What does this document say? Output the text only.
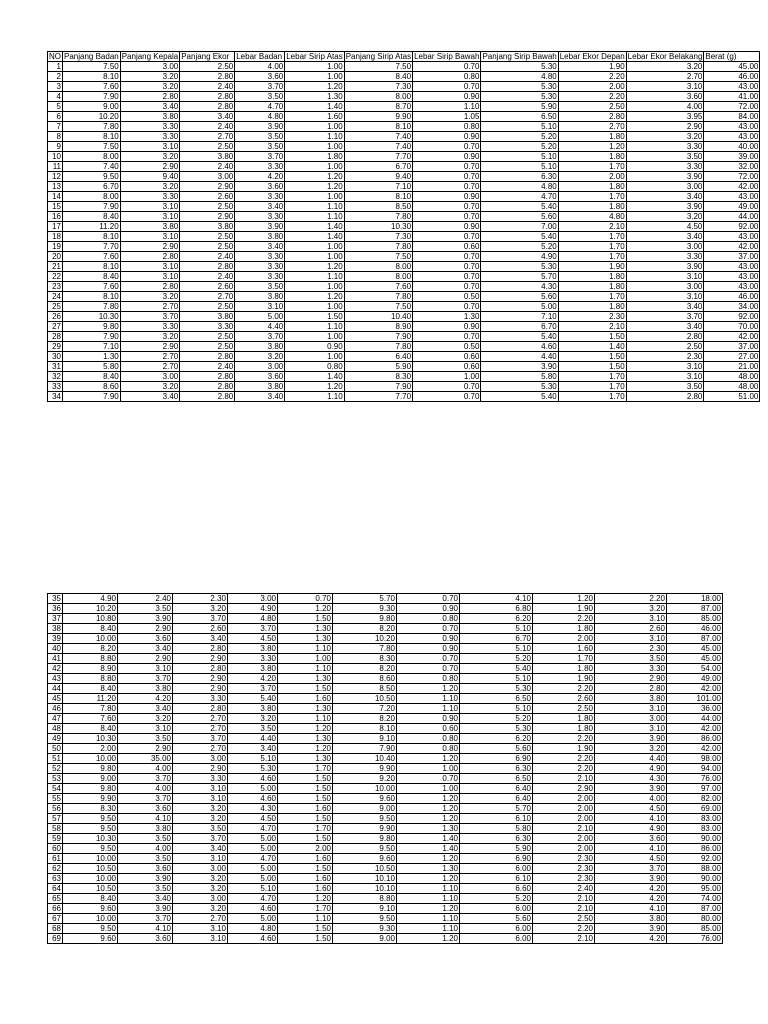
NO	Panjang Badan	Panjang Kepala	Panjang Ekor	Lebar Badan	Lebar Sirip Atas	Panjang Sirip Atas	Lebar Sirip Bawah	Panjang Sirip Bawah	Lebar Ekor Depan	Lebar Ekor Belakang	Berat (g)
1	7.50	3.00	2.50	4.00	1.00	7.50	0.70	5.30	1.90	3.20	45.00
2	8.10	3.20	2.80	3.60	1.00	8.40	0.80	4.80	2.20	2.70	46.00
3	7.60	3.20	2.40	3.70	1.20	7.30	0.70	5.30	2.00	3.10	43.00
4	7.90	2.80	2.80	3.50	1.30	8.00	0.90	5.30	2.20	3.60	41.00
5	9.00	3.40	2.80	4.70	1.40	8.70	1.10	5.90	2.50	4.00	72.00
6	10.20	3.80	3.40	4.80	1.60	9.90	1.05	6.50	2.80	3.95	84.00
7	7.80	3.30	2.40	3.90	1.00	8.10	0.80	5.10	2.70	2.90	43.00
8	8.10	3.30	2.70	3.50	1.10	7.40	0.90	5.20	1.80	3.20	43.00
9	7.50	3.10	2.50	3.50	1.00	7.40	0.70	5.20	1.20	3.30	40.00
10	8.00	3.20	3.80	3.70	1.80	7.70	0.90	5.10	1.80	3.50	39.00
11	7.40	2.90	2.40	3.30	1.00	6.70	0.70	5.10	1.70	3.30	32.00
12	9.50	9.40	3.00	4.20	1.20	9.40	0.70	6.30	2.00	3.90	72.00
13	6.70	3.20	2.90	3.60	1.20	7.10	0.70	4.80	1.80	3.00	42.00
14	8.00	3.30	2.60	3.30	1.00	8.10	0.90	4.70	1.70	3.40	43.00
15	7.90	3.10	2.50	3.40	1.10	8.50	0.70	5.40	1.80	3.90	49.00
16	8.40	3.10	2.90	3.30	1.10	7.80	0.70	5.60	4.80	3.20	44.00
17	11.20	3.80	3.80	3.90	1.40	10.30	0.90	7.00	2.10	4.50	92.00
18	8.10	3.10	2.50	3.80	1.40	7.30	0.70	5.40	1.70	3.40	43.00
19	7.70	2.90	2.50	3.40	1.00	7.80	0.60	5.20	1.70	3.00	42.00
20	7.60	2.80	2.40	3.30	1.00	7.50	0.70	4.90	1.70	3.30	37.00
21	8.10	3.10	2.80	3.30	1.20	8.00	0.70	5.30	1.90	3.90	43.00
22	8.40	3.10	2.40	3.30	1.10	8.00	0.70	5.70	1.80	3.10	43.00
23	7.60	2.80	2.60	3.50	1.00	7.60	0.70	4.30	1.80	3.00	43.00
24	8.10	3.20	2.70	3.80	1.20	7.80	0.50	5.60	1.70	3.10	46.00
25	7.80	2.70	2.50	3.10	1.00	7.50	0.70	5.00	1.80	3.40	34.00
26	10.30	3.70	3.80	5.00	1.50	10.40	1.30	7.10	2.30	3.70	92.00
27	9.80	3.30	3.30	4.40	1.10	8.90	0.90	6.70	2.10	3.40	70.00
28	7.90	3.20	2.50	3.70	1.00	7.90	0.70	5.40	1.50	2.80	42.00
29	7.10	2.90	2.50	3.80	0.90	7.80	0.50	4.60	1.40	2.50	37.00
30	1.30	2.70	2.80	3.20	1.00	6.40	0.60	4.40	1.50	2.30	27.00
31	5.80	2.70	2.40	3.00	0.80	5.90	0.60	3.90	1.50	3.10	21.00
32	8.40	3.00	2.80	3.60	1.40	8.30	1.00	5.80	1.70	3.10	48.00
33	8.60	3.20	2.80	3.80	1.20	7.90	0.70	5.30	1.70	3.50	48.00
34	7.90	3.40	2.80	3.40	1.10	7.70	0.70	5.40	1.70	2.80	51.00
35	4.90	2.40	2.30	3.00	0.70	5.70	0.70	4.10	1.20	2.20	18.00
36	10.20	3.50	3.20	4.90	1.20	9.30	0.90	6.80	1.90	3.20	87.00
37	10.80	3.90	3.70	4.80	1.50	9.80	0.80	6.20	2.20	3.10	85.00
38	8.40	2.90	2.60	3.70	1.30	8.20	0.70	5.10	1.80	2.60	46.00
39	10.00	3.60	3.40	4.50	1.30	10.20	0.90	6.70	2.00	3.10	87.00
40	8.20	3.40	2.80	3.80	1.10	7.80	0.90	5.10	1.60	2.30	45.00
41	8.80	2.90	2.90	3.30	1.00	8.30	0.70	5.20	1.70	3.50	45.00
42	8.90	3.10	2.80	3.80	1.10	8.20	0.70	5.40	1.80	3.30	54.00
43	8.80	3.70	2.90	4.20	1.30	8.60	0.80	5.10	1.90	2.90	49.00
44	8.40	3.80	2.90	3.70	1.50	8.50	1.20	5.30	2.20	2.80	42.00
45	11.20	4.20	3.30	5.40	1.60	10.50	1.10	6.50	2.60	3.80	101.00
46	7.80	3.40	2.80	3.80	1.30	7.20	1.10	5.10	2.50	3.10	36.00
47	7.60	3.20	2.70	3.20	1.10	8.20	0.90	5.20	1.80	3.00	44.00
48	8.40	3.10	2.70	3.50	1.20	8.10	0.60	5.30	1.80	3.10	42.00
49	10.30	3.50	3.70	4.40	1.30	9.10	0.80	6.20	2.20	3.90	86.00
50	2.00	2.90	2.70	3.40	1.20	7.90	0.80	5.60	1.90	3.20	42.00
51	10.00	35.00	3.00	5.10	1.30	10.40	1.20	6.90	2.20	4.40	98.00
52	9.80	4.00	2.90	5.30	1.70	9.90	1.00	6.30	2.20	4.90	94.00
53	9.00	3.70	3.30	4.60	1.50	9.20	0.70	6.50	2.10	4.30	76.00
54	9.80	4.00	3.10	5.00	1.50	10.00	1.00	6.40	2.90	3.90	97.00
55	9.90	3.70	3.10	4.60	1.50	9.60	1.20	6.40	2.00	4.00	82.00
56	8.30	3.60	3.20	4.30	1.60	9.00	1.20	5.70	2.00	4.50	69.00
57	9.50	4.10	3.20	4.50	1.50	9.50	1.20	6.10	2.00	4.10	83.00
58	9.50	3.80	3.50	4.70	1.70	9.90	1.30	5.80	2.10	4.90	83.00
59	10.30	3.50	3.70	5.00	1.50	9.80	1.40	6.30	2.00	3.60	90.00
60	9.50	4.00	3.40	5.00	2.00	9.50	1.40	5.90	2.00	4.10	86.00
61	10.00	3.50	3.10	4.70	1.60	9.60	1.20	6.90	2.30	4.50	92.00
62	10.50	3.60	3.00	5.00	1.50	10.50	1.30	6.00	2.30	3.70	88.00
63	10.00	3.90	3.20	5.00	1.60	10.10	1.20	6.10	2.30	3.90	90.00
64	10.50	3.50	3.20	5.10	1.60	10.10	1.10	6.60	2.40	4.20	95.00
65	8.40	3.40	3.00	4.70	1.20	8.80	1.10	5.20	2.10	4.20	74.00
66	9.60	3.90	3.20	4.60	1.70	9.10	1.20	6.00	2.10	4.10	87.00
67	10.00	3.70	2.70	5.00	1.10	9.50	1.10	5.60	2.50	3.80	80.00
68	9.50	4.10	3.10	4.80	1.50	9.30	1.10	6.00	2.20	3.90	85.00
69	9.60	3.60	3.10	4.60	1.50	9.00	1.20	6.00	2.10	4.20	76.00
